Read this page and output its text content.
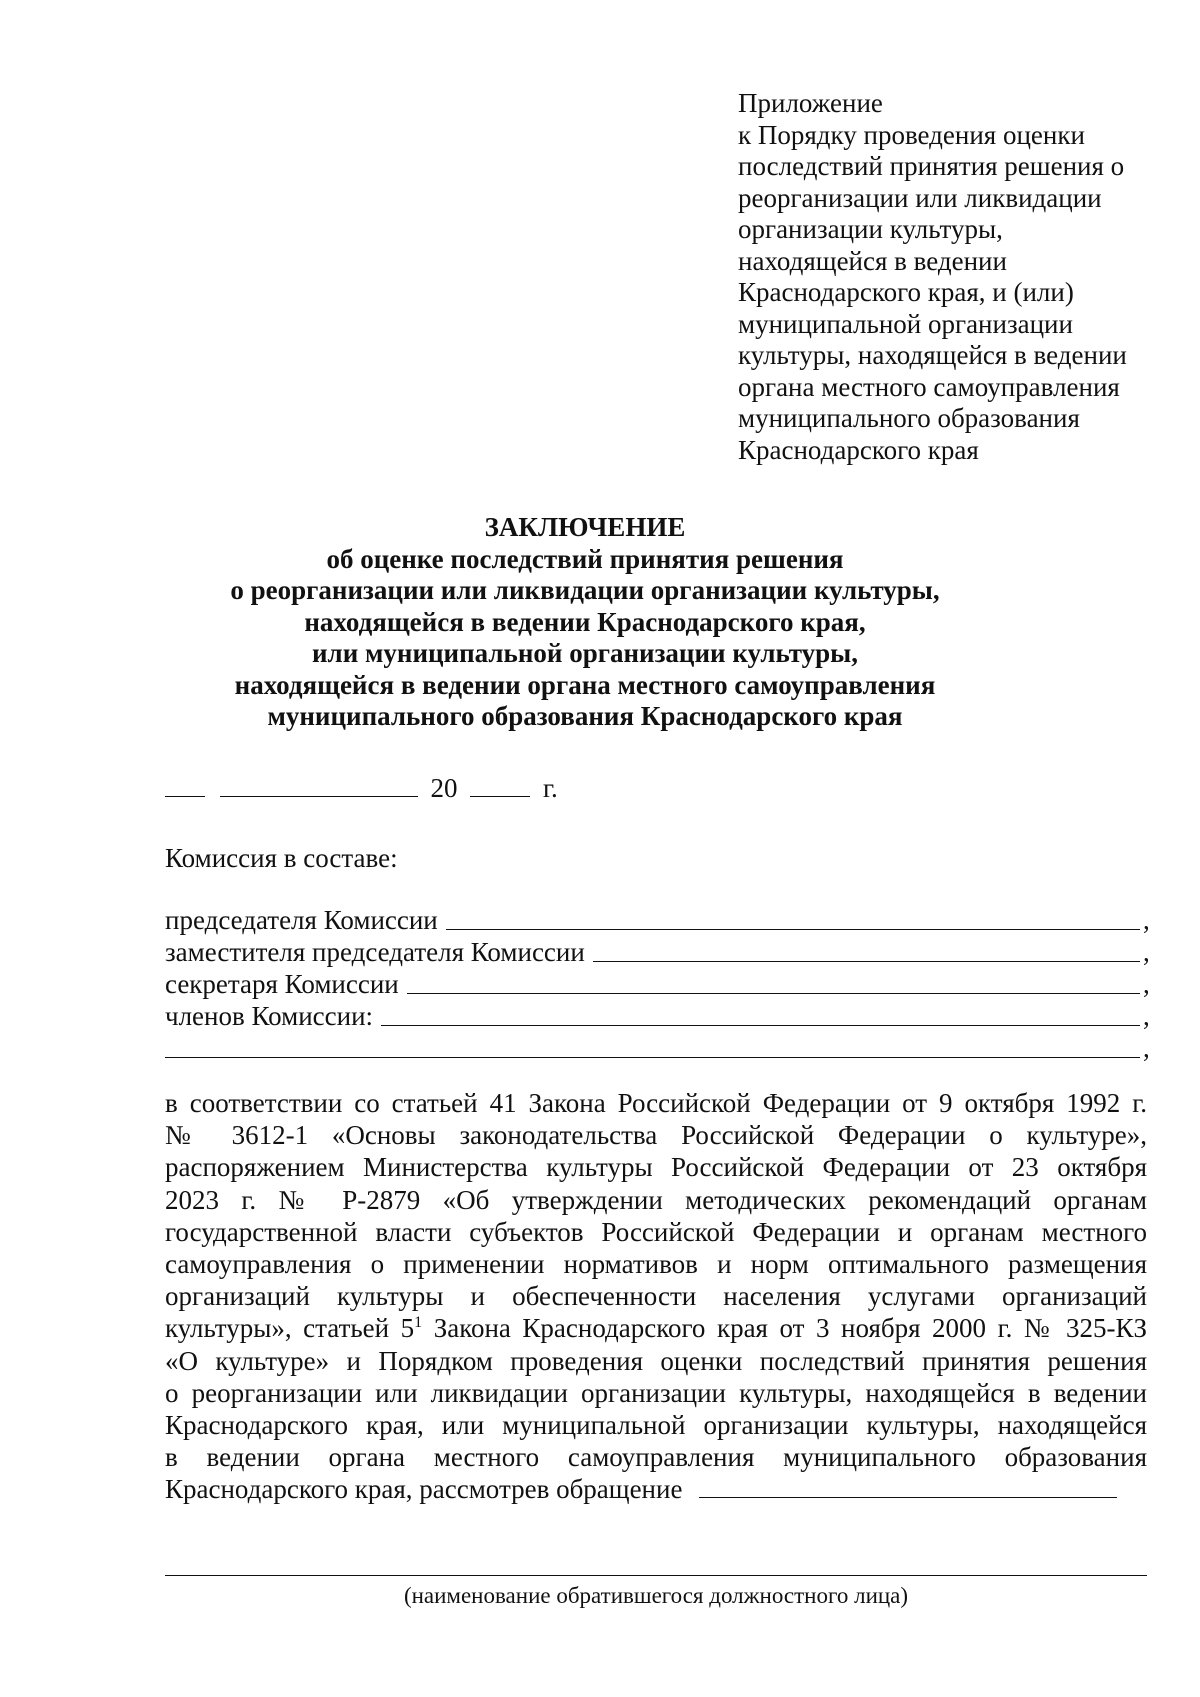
Приложение
к Порядку проведения оценки
последствий принятия решения о
реорганизации или ликвидации
организации культуры,
находящейся в ведении
Краснодарского края, и (или)
муниципальной организации
культуры, находящейся в ведении
органа местного самоуправления
муниципального образования
Краснодарского края
ЗАКЛЮЧЕНИЕ
об оценке последствий принятия решения
о реорганизации или ликвидации организации культуры,
находящейся в ведении Краснодарского края,
или муниципальной организации культуры,
находящейся в ведении органа местного самоуправления
муниципального образования Краснодарского края
20	г.
Комиссия в составе:
председателя Комиссии	,
заместителя председателя Комиссии	,
секретаря Комиссии	,
членов Комиссии:	,
,
в соответствии со статьей 41 Закона Российской Федерации от 9 октября 1992 г.
№ 3612-1 «Основы законодательства Российской Федерации о культуре»,
распоряжением Министерства культуры Российской Федерации от 23 октября
2023 г. № Р-2879 «Об утверждении методических рекомендаций органам
государственной власти субъектов Российской Федерации и органам местного
самоуправления о применении нормативов и норм оптимального размещения
организаций культуры и обеспеченности населения услугами организаций
культуры», статьей $5^1$ Закона Краснодарского края от 3 ноября 2000 г. № 325-КЗ
«О культуре» и Порядком проведения оценки последствий принятия решения
о реорганизации или ликвидации организации культуры, находящейся в ведении
Краснодарского края, или муниципальной организации культуры, находящейся
в ведении органа местного самоуправления муниципального образования
Краснодарского края, рассмотрев обращение
(наименование обратившегося должностного лица)
